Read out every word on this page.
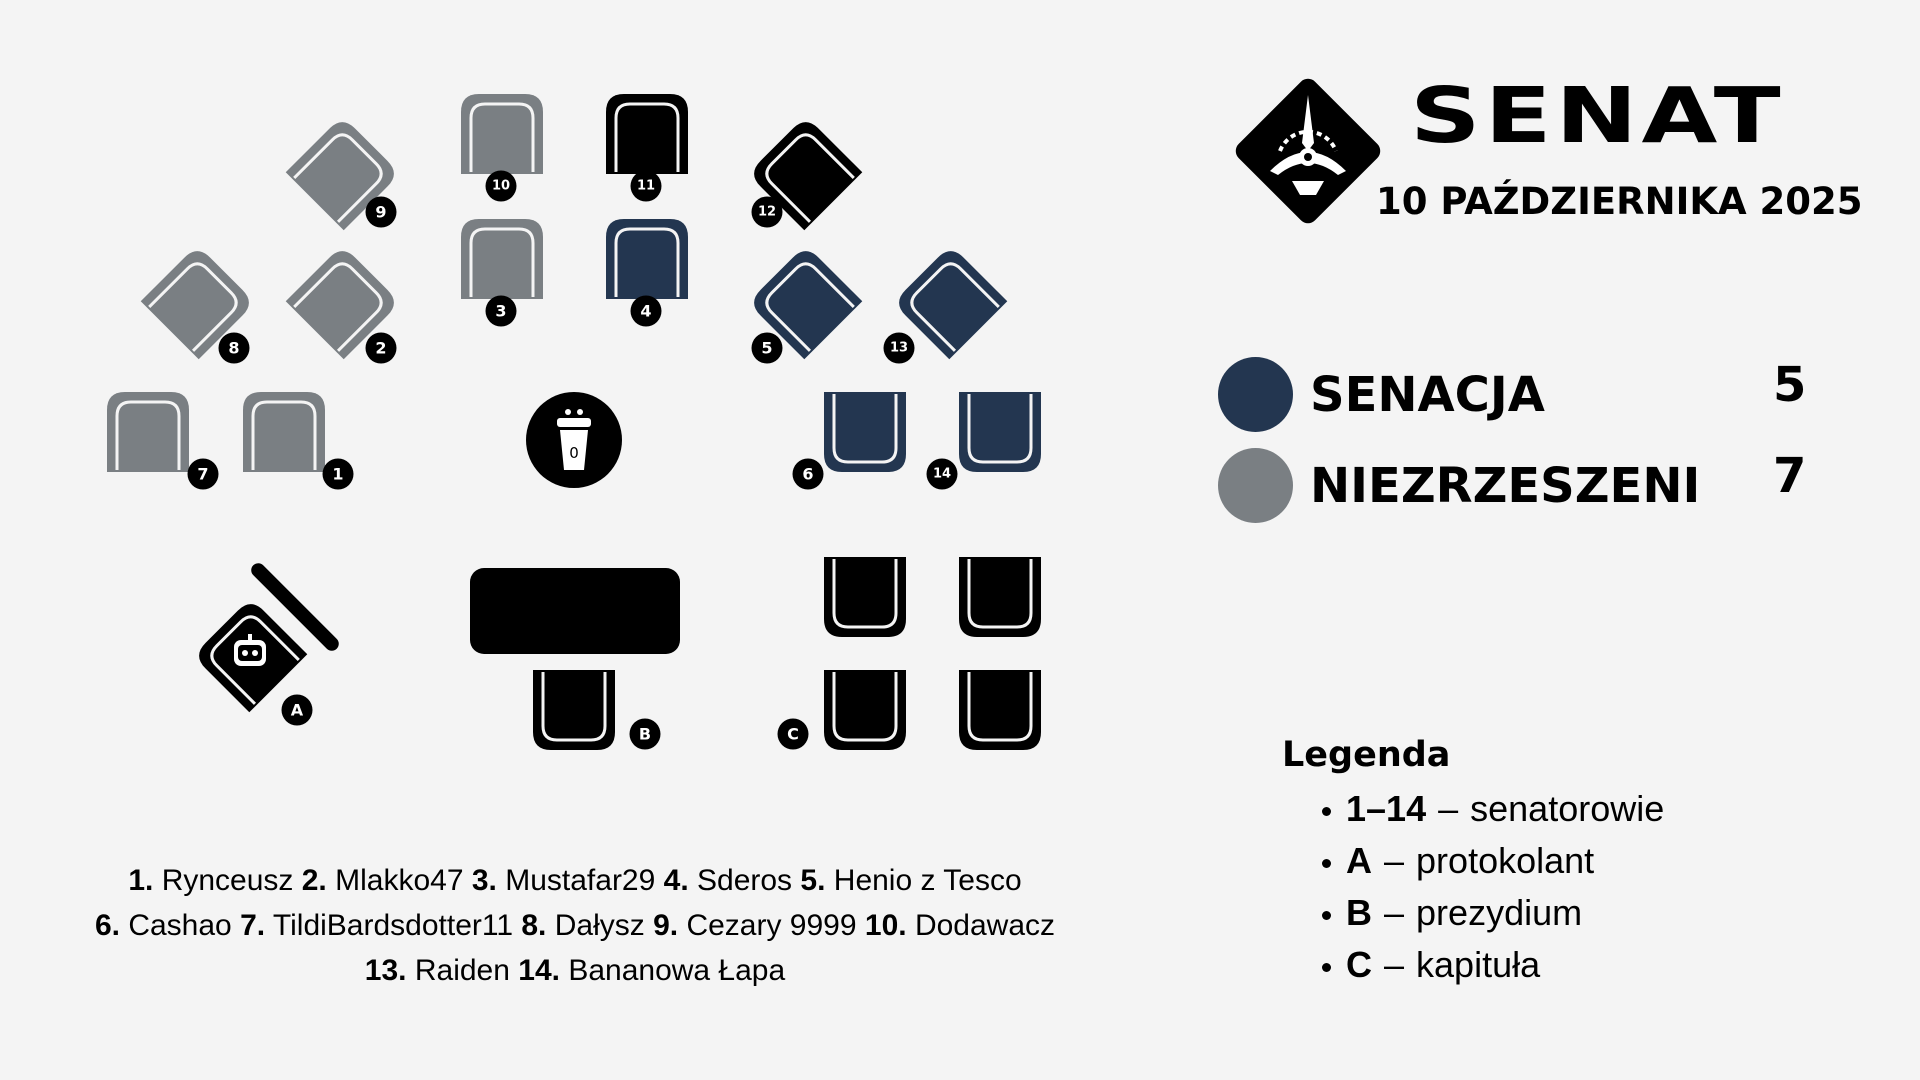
0
1
2
3	4
5
6
7
8
9
10	11
12
13
14
A
B	C
SENAT
10 PAŹDZIERNIKA 2025
SENACJA	5
NIEZRZESZENI 7
Legenda
1–14 – senatorowie
A – protokolant
B – prezydium
C – kapituła
1. Rynceusz 2. Mlakko47 3. Mustafar29 4. Sderos 5. Henio z Tesco
6. Cashao 7. TildiBardsdotter11 8. Dałysz 9. Cezary 9999 10. Dodawacz
13. Raiden 14. Bananowa Łapa
